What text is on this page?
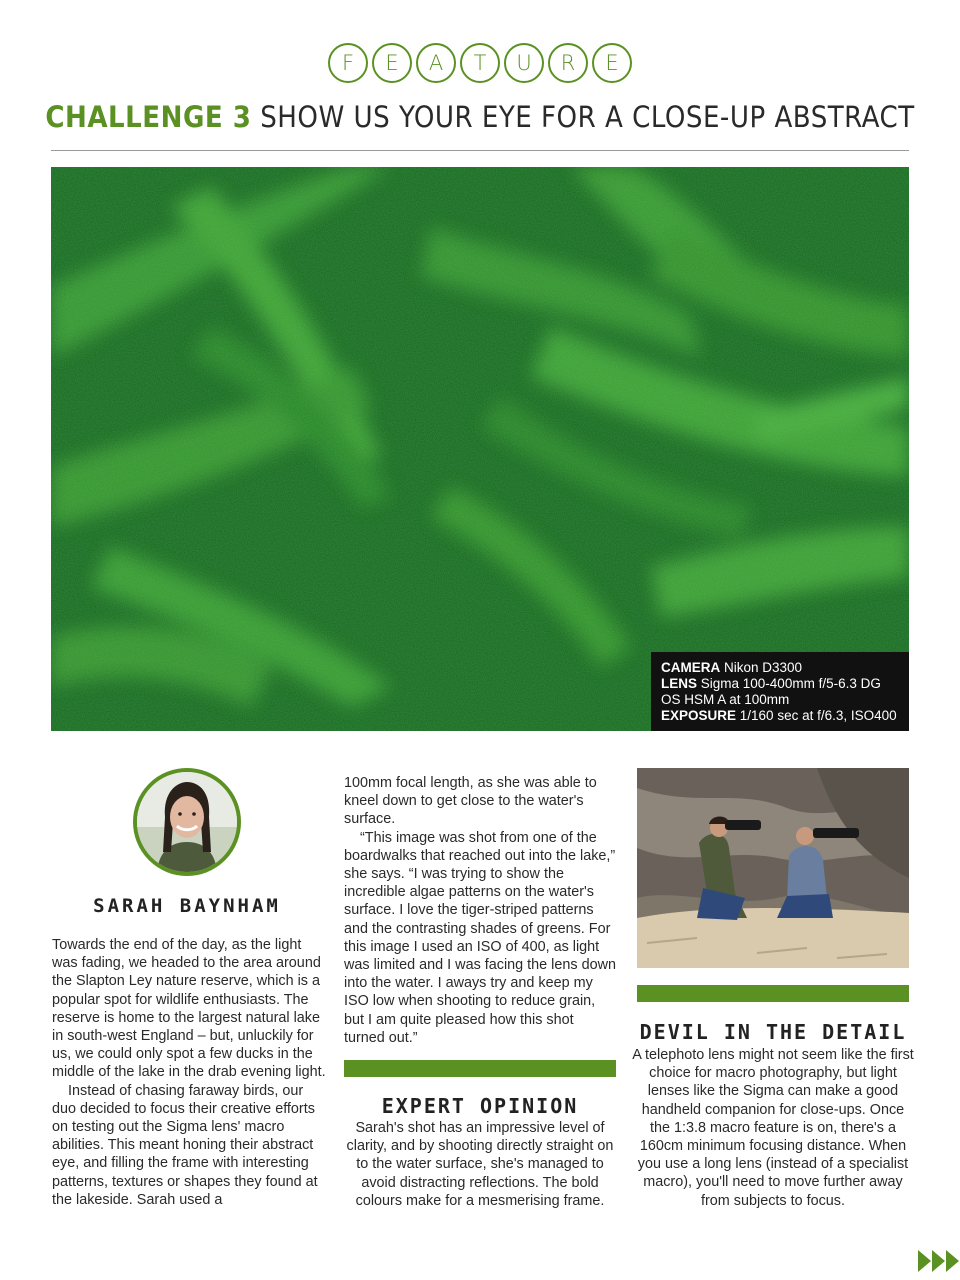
F	E	A	T	U	R	E
CHALLENGE 3 SHOW US YOUR EYE FOR A CLOSE-UP ABSTRACT
CAMERA Nikon D3300
LENS Sigma 100-400mm f/5-6.3 DG OS HSM A at 100mm
EXPOSURE 1/160 sec at f/6.3, ISO400
SARAH BAYNHAM

Towards the end of the day, as the light was fading, we headed to the area around the Slapton Ley nature reserve, which is a popular spot for wildlife enthusiasts. The reserve is home to the largest natural lake in south-west England – but, unluckily for us, we could only spot a few ducks in the middle of the lake in the drab evening light.

Instead of chasing faraway birds, our duo decided to focus their creative efforts on testing out the Sigma lens' macro abilities. This meant honing their abstract eye, and filling the frame with interesting patterns, textures or shapes they found at the lakeside. Sarah used a

100mm focal length, as she was able to kneel down to get close to the water's surface.

“This image was shot from one of the boardwalks that reached out into the lake,” she says. “I was trying to show the incredible algae patterns on the water's surface. I love the tiger-striped patterns and the contrasting shades of greens. For this image I used an ISO of 400, as light was limited and I was facing the lens down into the water. I aways try and keep my ISO low when shooting to reduce grain, but I am quite pleased how this shot turned out.”

EXPERT OPINION

Sarah's shot has an impressive level of clarity, and by shooting directly straight on to the water surface, she's managed to avoid distracting reflections. The bold colours make for a mesmerising frame.

DEVIL IN THE DETAIL

A telephoto lens might not seem like the first choice for macro photography, but light lenses like the Sigma can make a good handheld companion for close-ups. Once the 1:3.8 macro feature is on, there's a 160cm minimum focusing distance. When you use a long lens (instead of a specialist macro), you'll need to move further away from subjects to focus.
